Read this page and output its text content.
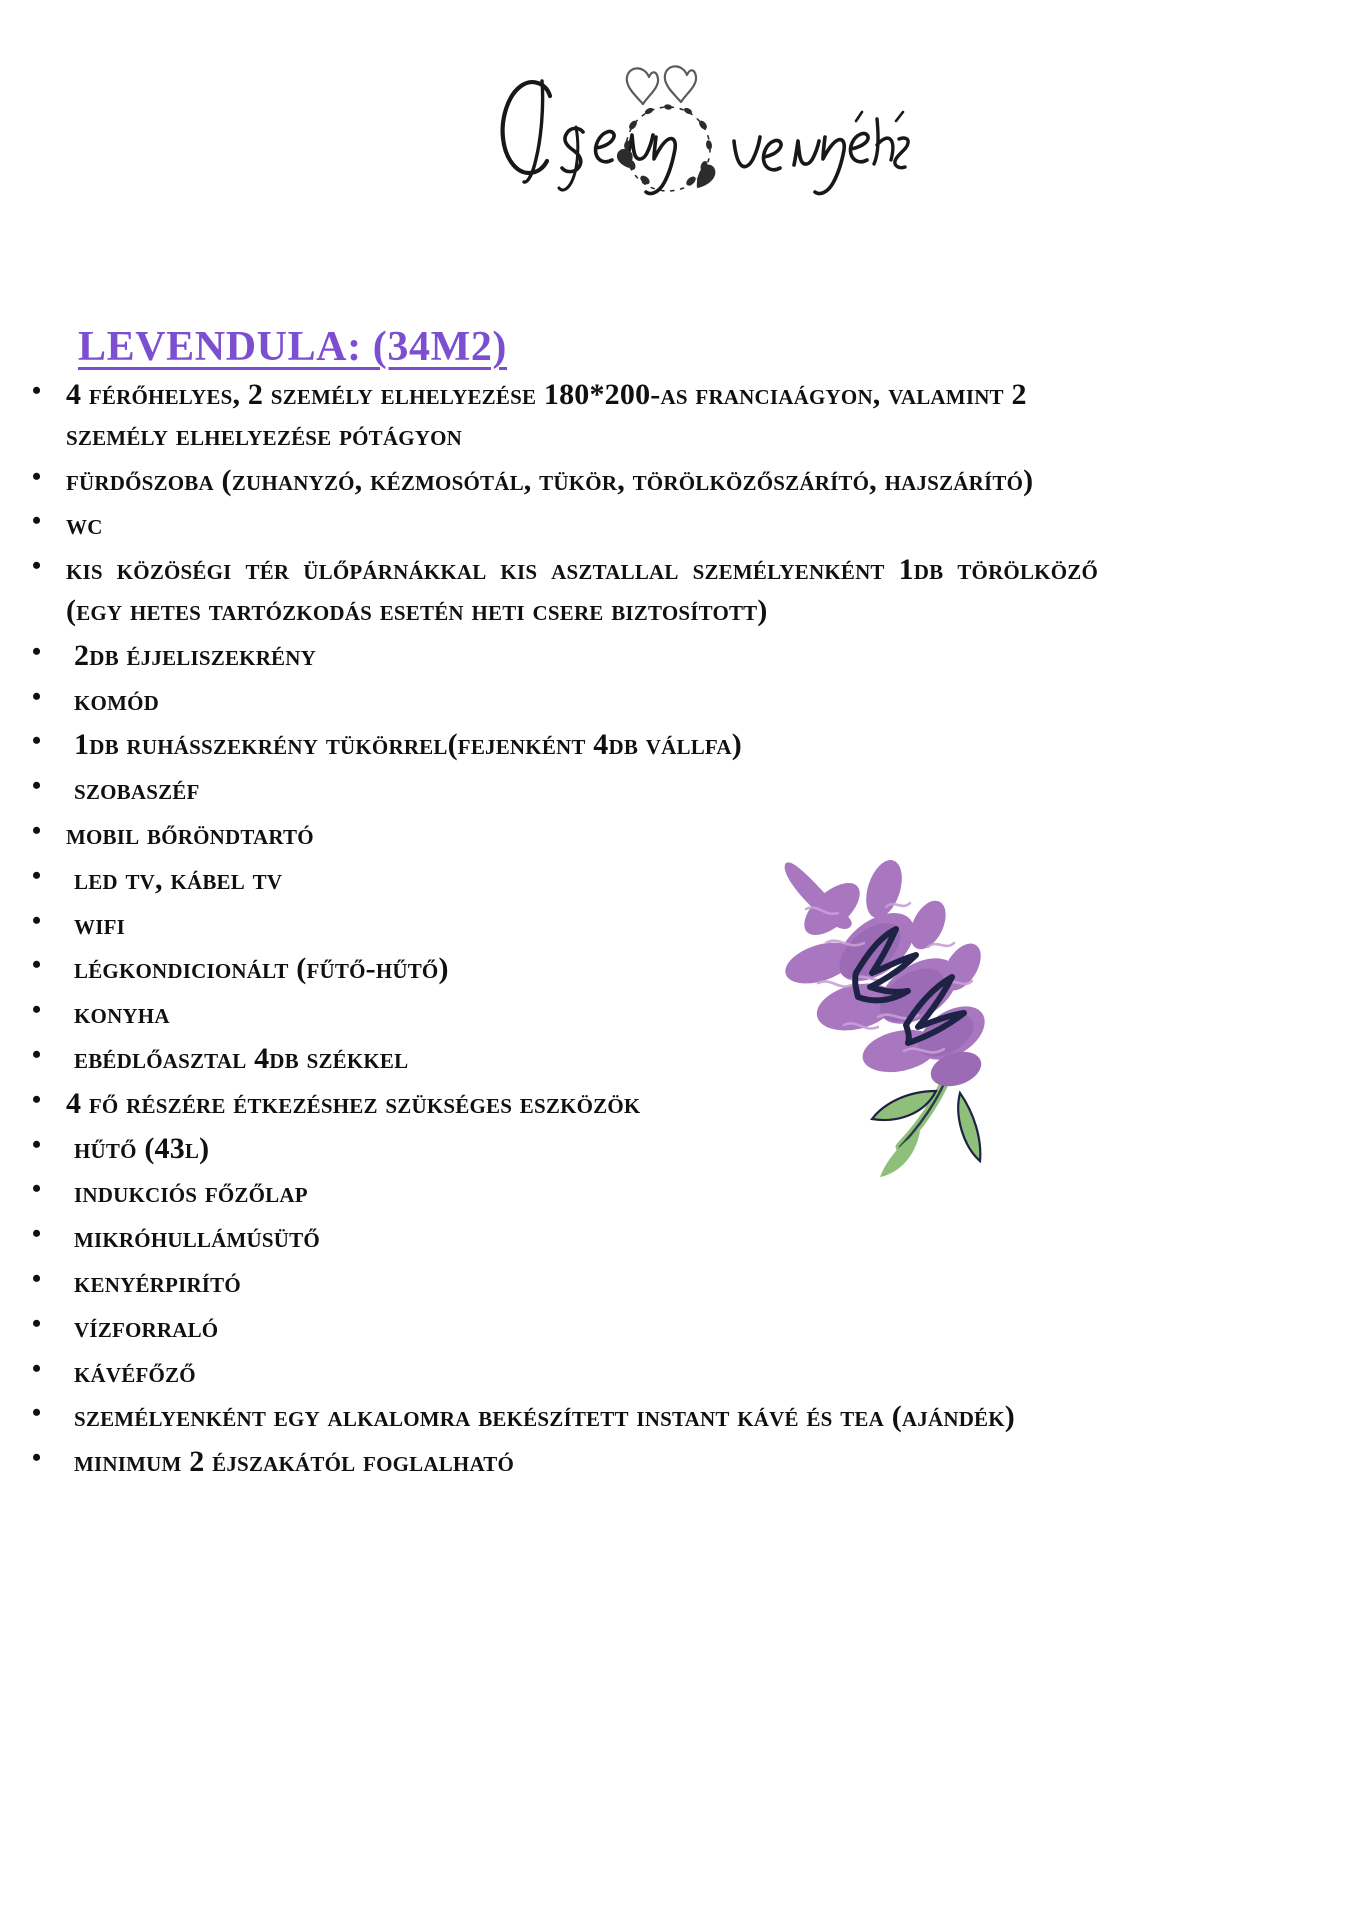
LEVENDULA: (34M2)
• 4 férőhelyes, 2 személy elhelyezése 180*200-as franciaágyon, valamint 2 személy elhelyezése pótágyon
• fürdőszoba (zuhanyzó, kézmosótál, tükör, törölközőszárító, hajszárító)
• wc
• kis közöségi tér ülőpárnákkal kis asztallal személyenként 1db törölköző (egy hetes tartózkodás esetén heti csere biztosított)
• 2db éjjeliszekrény
• komód
• 1db ruhásszekrény tükörrel(fejenként 4db vállfa)
• szobaszéf
• mobil bőröndtartó
• led tv, kábel tv
• wifi
• légkondicionált (fűtő-hűtő)
• konyha
• ebédlőasztal 4db székkel
• 4 fő részére étkezéshez szükséges eszközök
• hűtő (43l)
• indukciós főzőlap
• mikróhullámúsütő
• kenyérpirító
• vízforraló
• kávéfőző
• személyenként egy alkalomra bekészített instant kávé és tea (ajándék)
• minimum 2 éjszakától foglalható
